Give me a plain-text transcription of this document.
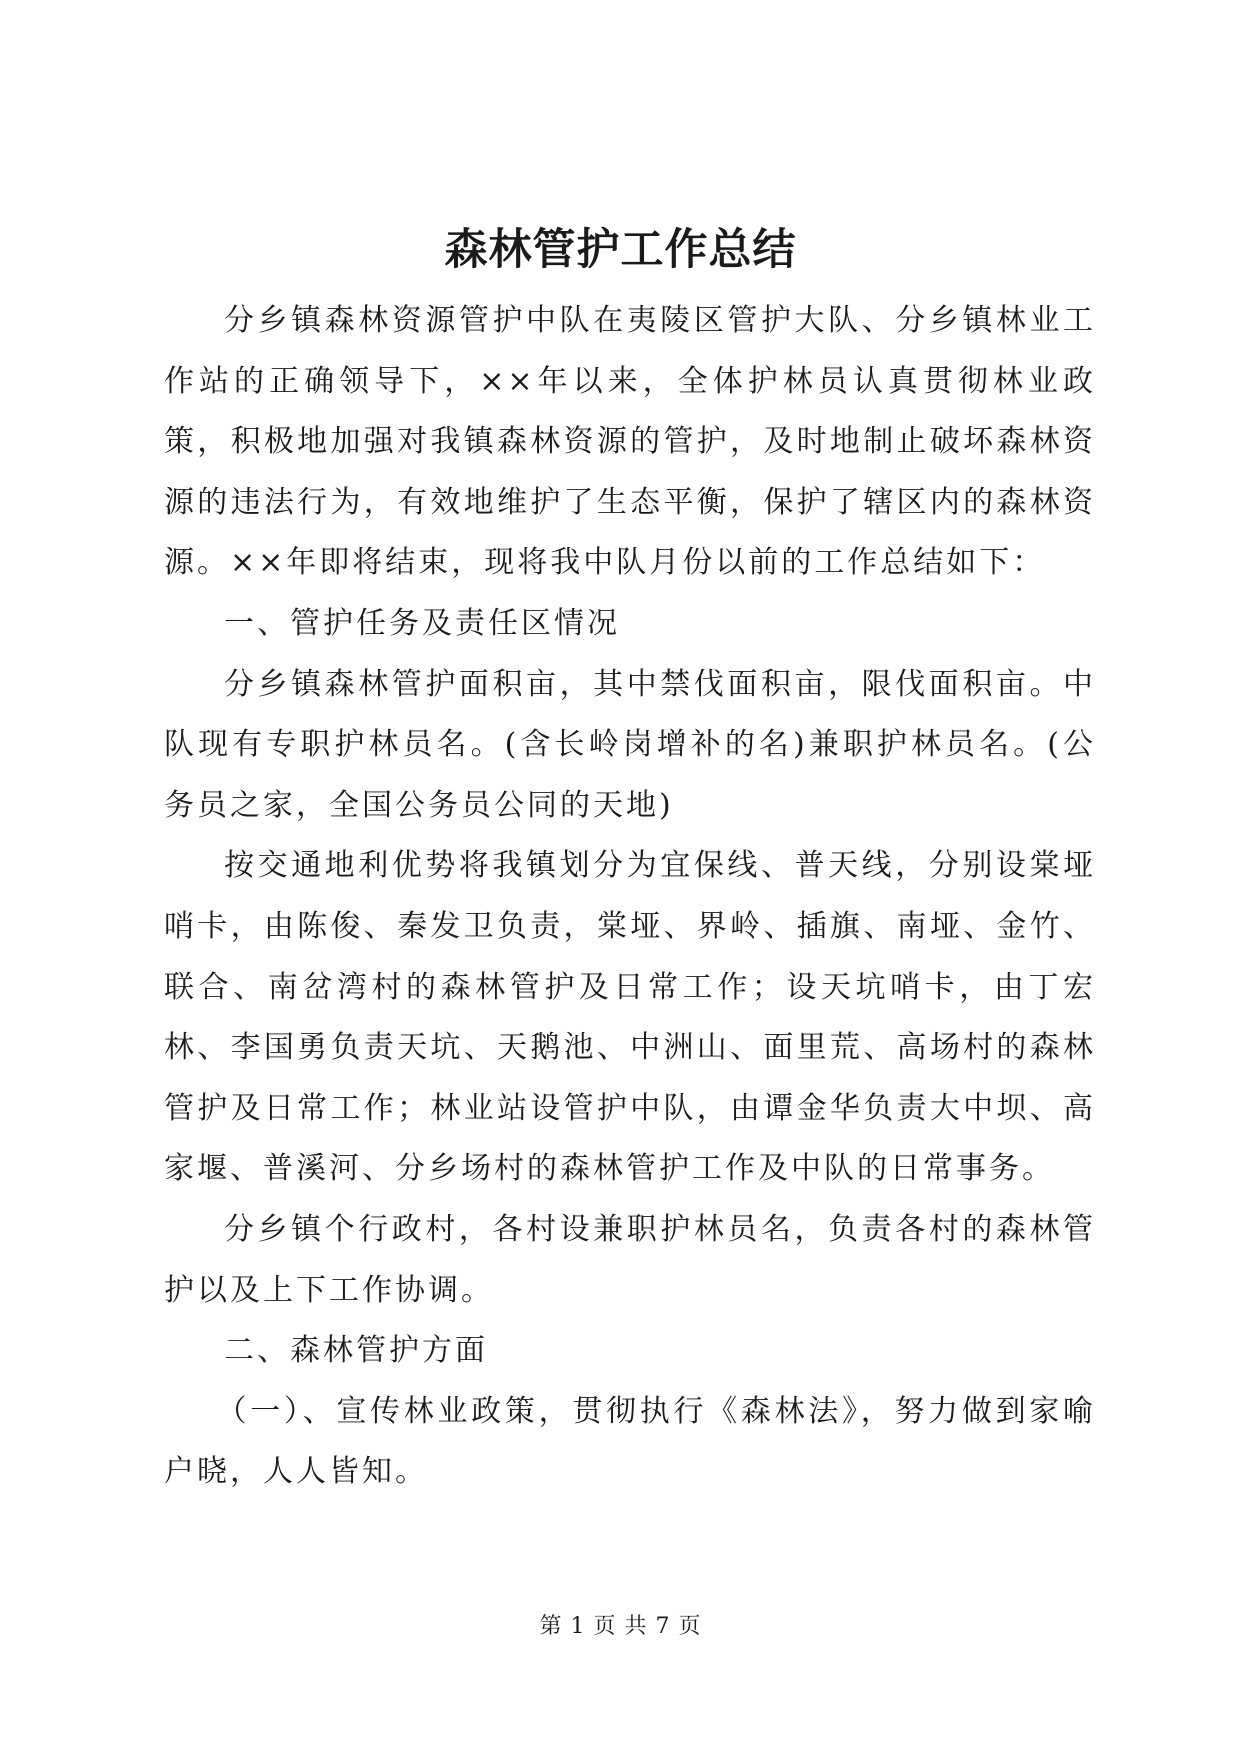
森林管护工作总结

分乡镇森林资源管护中队在夷陵区管护大队、分乡镇林业工作站的正确领导下，××年以来，全体护林员认真贯彻林业政策，积极地加强对我镇森林资源的管护，及时地制止破坏森林资源的违法行为，有效地维护了生态平衡，保护了辖区内的森林资源。××年即将结束，现将我中队月份以前的工作总结如下：

一、管护任务及责任区情况

分乡镇森林管护面积亩，其中禁伐面积亩，限伐面积亩。中队现有专职护林员名。(含长岭岗增补的名)兼职护林员名。(公务员之家，全国公务员公同的天地)

按交通地利优势将我镇划分为宜保线、普天线，分别设棠垭哨卡，由陈俊、秦发卫负责，棠垭、界岭、插旗、南垭、金竹、联合、南岔湾村的森林管护及日常工作；设天坑哨卡，由丁宏林、李国勇负责天坑、天鹅池、中洲山、面里荒、高场村的森林管护及日常工作；林业站设管护中队，由谭金华负责大中坝、高家堰、普溪河、分乡场村的森林管护工作及中队的日常事务。

分乡镇个行政村，各村设兼职护林员名，负责各村的森林管护以及上下工作协调。

二、森林管护方面

（一）、宣传林业政策，贯彻执行《森林法》，努力做到家喻户晓，人人皆知。

第 1 页 共 7 页
